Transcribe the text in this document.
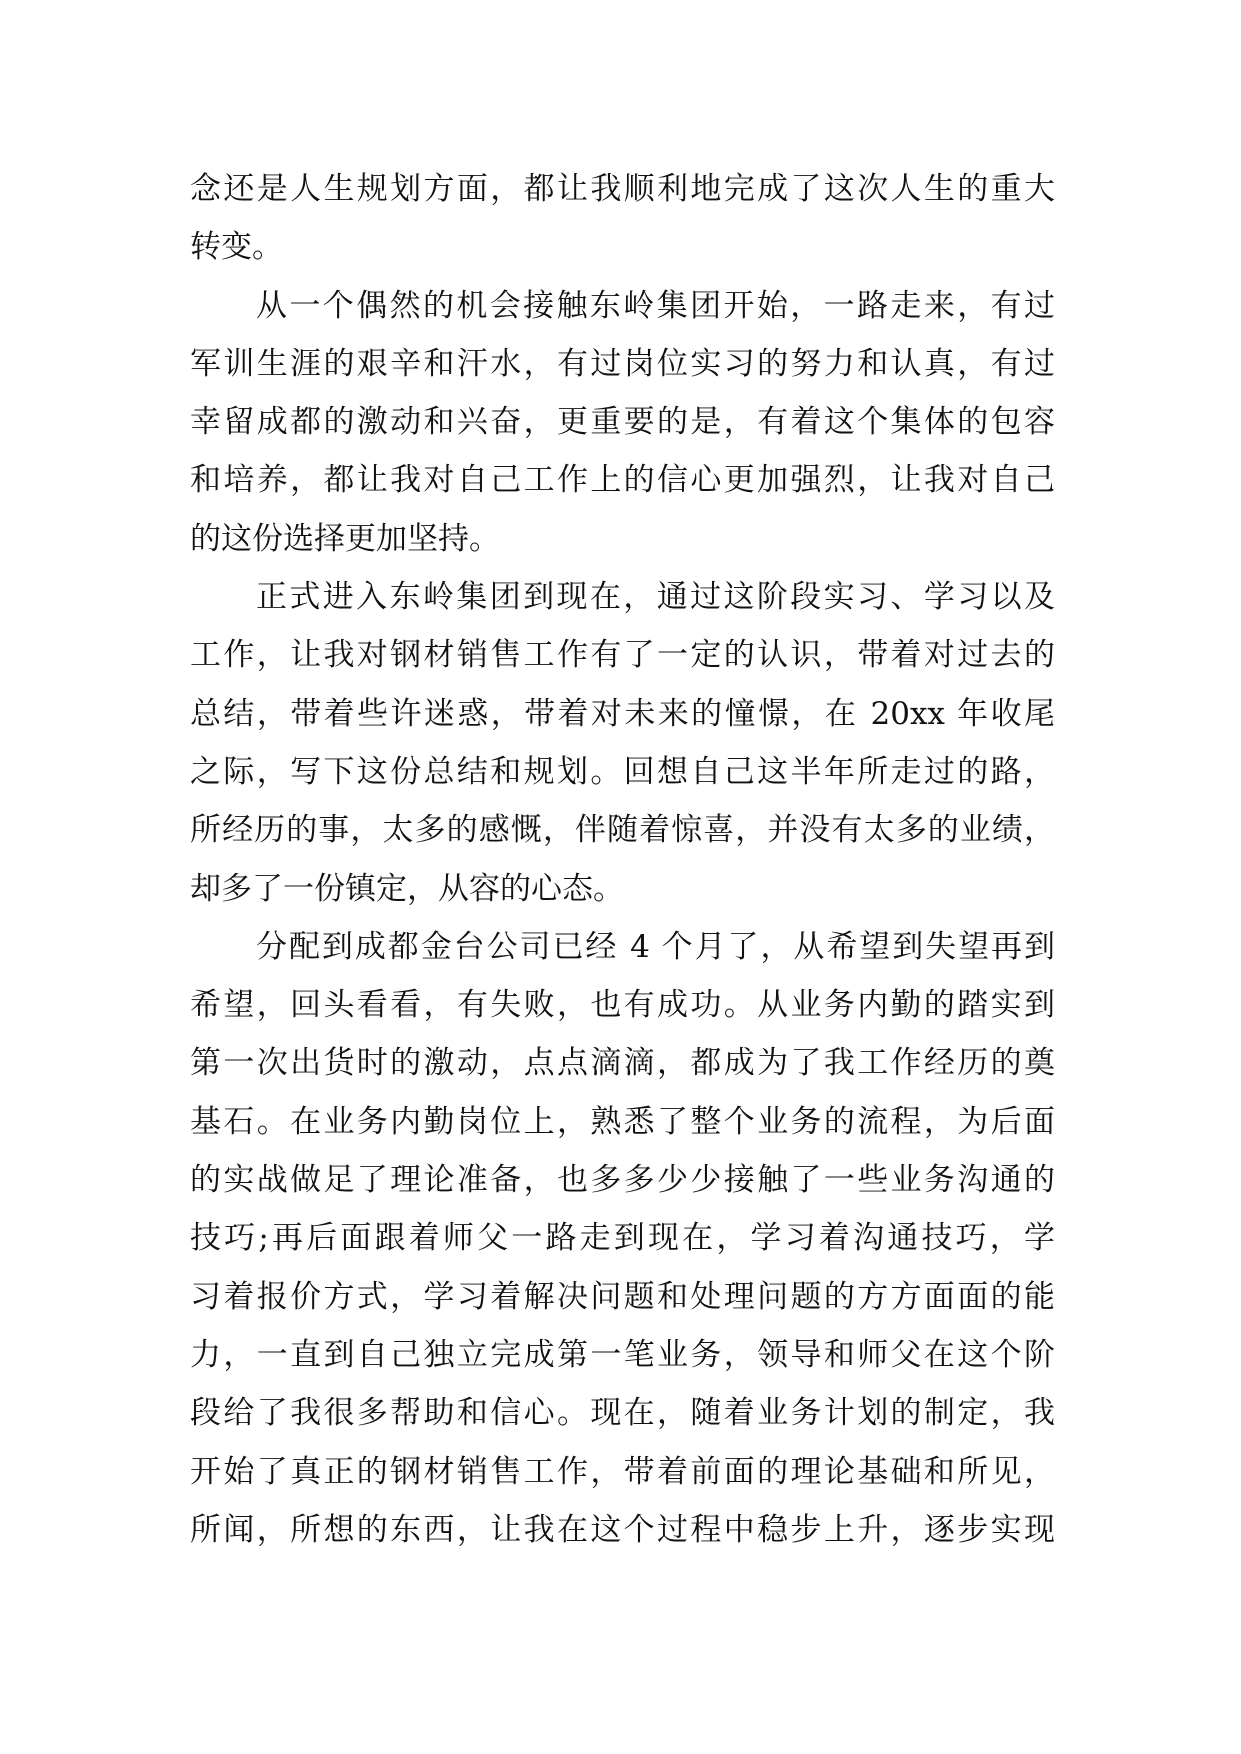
念还是人生规划方面，都让我顺利地完成了这次人生的重大
转变。
从一个偶然的机会接触东岭集团开始，一路走来，有过
军训生涯的艰辛和汗水，有过岗位实习的努力和认真，有过
幸留成都的激动和兴奋，更重要的是，有着这个集体的包容
和培养，都让我对自己工作上的信心更加强烈，让我对自己
的这份选择更加坚持。
正式进入东岭集团到现在，通过这阶段实习、学习以及
工作，让我对钢材销售工作有了一定的认识，带着对过去的
总结，带着些许迷惑，带着对未来的憧憬，在 20xx 年收尾
之际，写下这份总结和规划。回想自己这半年所走过的路，
所经历的事，太多的感慨，伴随着惊喜，并没有太多的业绩，
却多了一份镇定，从容的心态。
分配到成都金台公司已经 4 个月了，从希望到失望再到
希望，回头看看，有失败，也有成功。从业务内勤的踏实到
第一次出货时的激动，点点滴滴，都成为了我工作经历的奠
基石。在业务内勤岗位上，熟悉了整个业务的流程，为后面
的实战做足了理论准备，也多多少少接触了一些业务沟通的
技巧;再后面跟着师父一路走到现在，学习着沟通技巧，学
习着报价方式，学习着解决问题和处理问题的方方面面的能
力，一直到自己独立完成第一笔业务，领导和师父在这个阶
段给了我很多帮助和信心。现在，随着业务计划的制定，我
开始了真正的钢材销售工作，带着前面的理论基础和所见，
所闻，所想的东西，让我在这个过程中稳步上升，逐步实现
